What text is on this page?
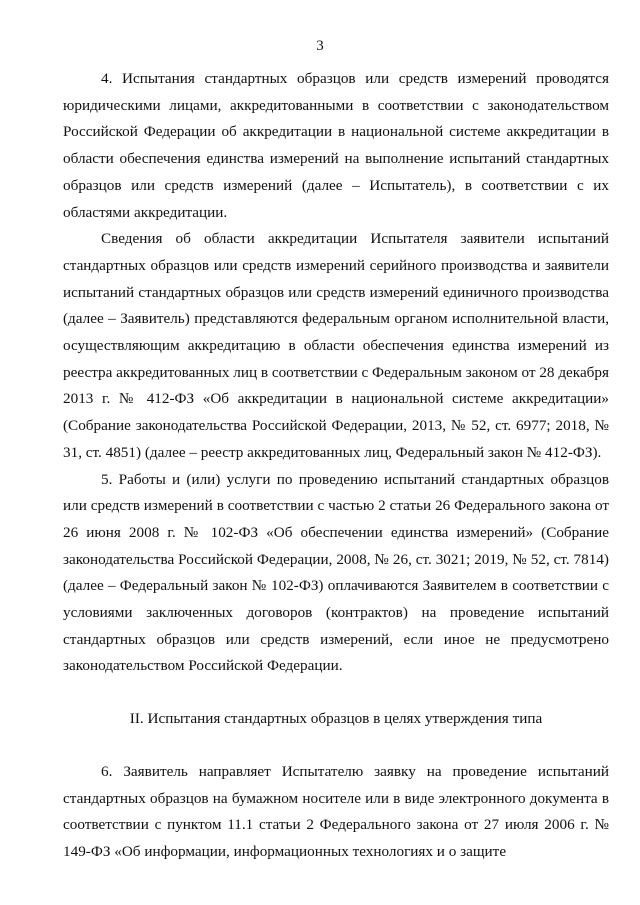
3

4. Испытания стандартных образцов или средств измерений проводятся юридическими лицами, аккредитованными в соответствии с законодательством Российской Федерации об аккредитации в национальной системе аккредитации в области обеспечения единства измерений на выполнение испытаний стандартных образцов или средств измерений (далее – Испытатель), в соответствии с их областями аккредитации.

Сведения об области аккредитации Испытателя заявители испытаний стандартных образцов или средств измерений серийного производства и заявители испытаний стандартных образцов или средств измерений единичного производства (далее – Заявитель) представляются федеральным органом исполнительной власти, осуществляющим аккредитацию в области обеспечения единства измерений из реестра аккредитованных лиц в соответствии с Федеральным законом от 28 декабря 2013 г. № 412-ФЗ «Об аккредитации в национальной системе аккредитации» (Собрание законодательства Российской Федерации, 2013, № 52, ст. 6977; 2018, № 31, ст. 4851) (далее – реестр аккредитованных лиц, Федеральный закон № 412-ФЗ).

5. Работы и (или) услуги по проведению испытаний стандартных образцов или средств измерений в соответствии с частью 2 статьи 26 Федерального закона от 26 июня 2008 г. № 102-ФЗ «Об обеспечении единства измерений» (Собрание законодательства Российской Федерации, 2008, № 26, ст. 3021; 2019, № 52, ст. 7814) (далее – Федеральный закон № 102-ФЗ) оплачиваются Заявителем в соответствии с условиями заключенных договоров (контрактов) на проведение испытаний стандартных образцов или средств измерений, если иное не предусмотрено законодательством Российской Федерации.

II. Испытания стандартных образцов в целях утверждения типа

6. Заявитель направляет Испытателю заявку на проведение испытаний стандартных образцов на бумажном носителе или в виде электронного документа в соответствии с пунктом 11.1 статьи 2 Федерального закона от 27 июля 2006 г. № 149-ФЗ «Об информации, информационных технологиях и о защите
